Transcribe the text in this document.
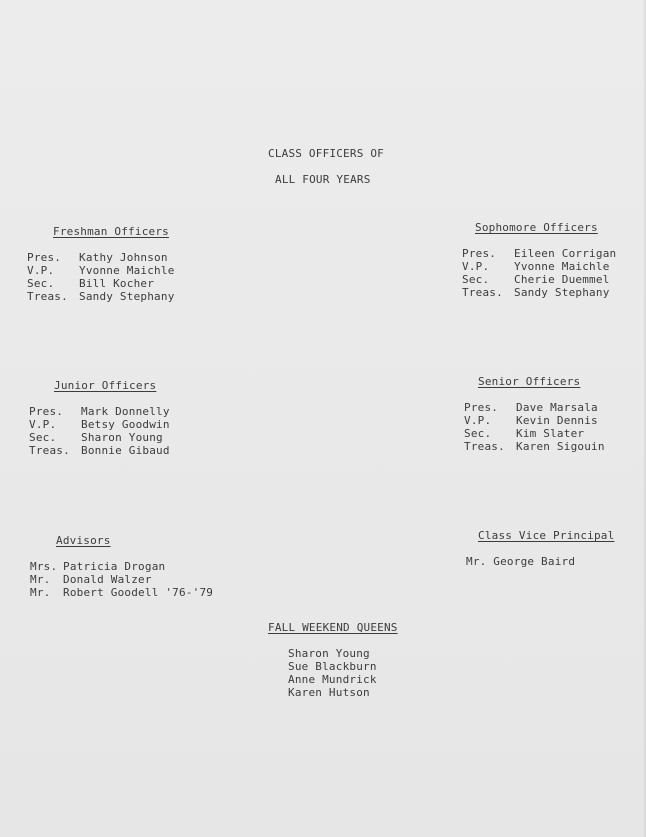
CLASS OFFICERS OF
ALL FOUR YEARS
Freshman Officers
Pres.	Kathy Johnson
V.P.	Yvonne Maichle
Sec.	Bill Kocher
Treas.	Sandy Stephany
Sophomore Officers
Pres.	Eileen Corrigan
V.P.	Yvonne Maichle
Sec.	Cherie Duemmel
Treas.	Sandy Stephany
Junior Officers
Pres.	Mark Donnelly
V.P.	Betsy Goodwin
Sec.	Sharon Young
Treas.	Bonnie Gibaud
Senior Officers
Pres.	Dave Marsala
V.P.	Kevin Dennis
Sec.	Kim Slater
Treas.	Karen Sigouin
Advisors
Mrs. Patricia Drogan
Mr.	Donald Walzer
Mr.	Robert Goodell '76-'79
Class Vice Principal
Mr. George Baird
FALL WEEKEND QUEENS
Sharon Young
Sue Blackburn
Anne Mundrick
Karen Hutson
